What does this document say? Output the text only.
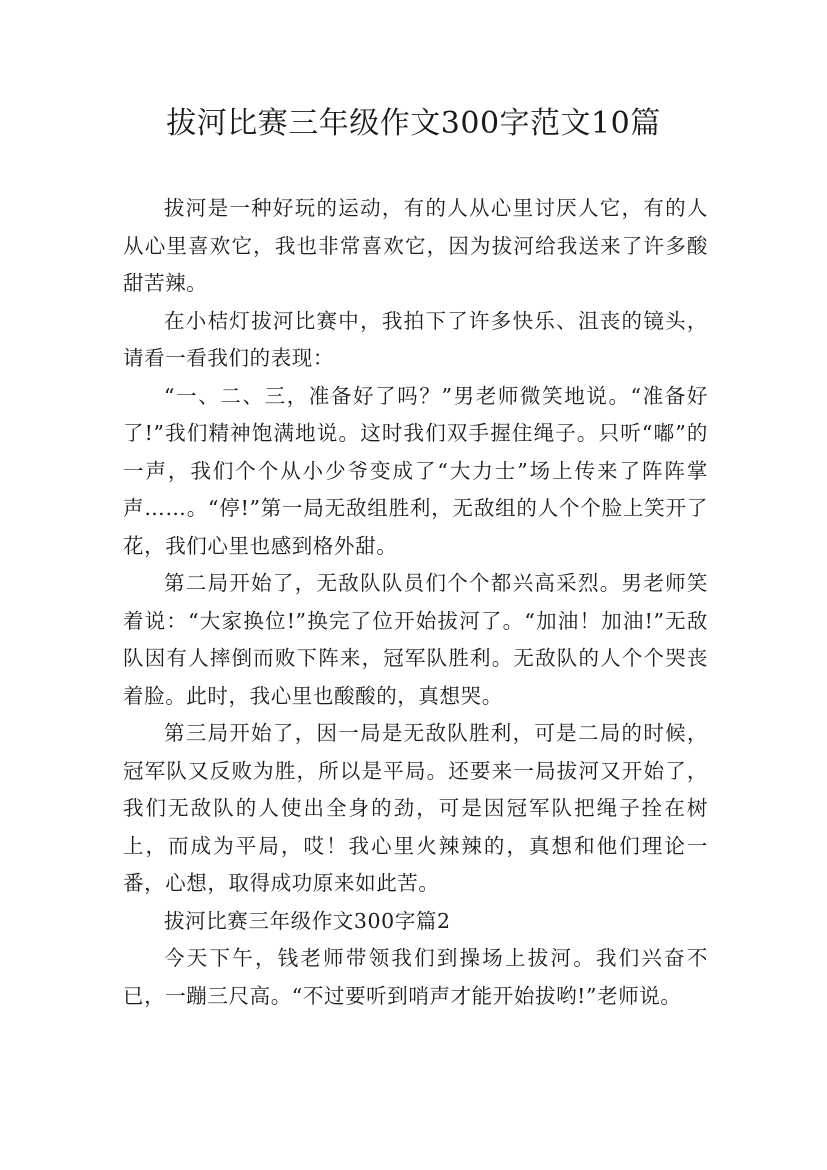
拔河比赛三年级作文300字范文10篇

拔河是一种好玩的运动，有的人从心里讨厌人它，有的人从心里喜欢它，我也非常喜欢它，因为拔河给我送来了许多酸甜苦辣。

在小桔灯拔河比赛中，我拍下了许多快乐、沮丧的镜头，请看一看我们的表现：

“一、二、三，准备好了吗？”男老师微笑地说。“准备好了!”我们精神饱满地说。这时我们双手握住绳子。只听“嘟”的一声，我们个个从小少爷变成了“大力士”场上传来了阵阵掌声……。“停!”第一局无敌组胜利，无敌组的人个个脸上笑开了花，我们心里也感到格外甜。

第二局开始了，无敌队队员们个个都兴高采烈。男老师笑着说：“大家换位!”换完了位开始拔河了。“加油！加油!”无敌队因有人摔倒而败下阵来，冠军队胜利。无敌队的人个个哭丧着脸。此时，我心里也酸酸的，真想哭。

第三局开始了，因一局是无敌队胜利，可是二局的时候，冠军队又反败为胜，所以是平局。还要来一局拔河又开始了，我们无敌队的人使出全身的劲，可是因冠军队把绳子拴在树上，而成为平局，哎！我心里火辣辣的，真想和他们理论一番，心想，取得成功原来如此苦。

拔河比赛三年级作文300字篇2

今天下午，钱老师带领我们到操场上拔河。我们兴奋不已，一蹦三尺高。“不过要听到哨声才能开始拔哟!”老师说。
